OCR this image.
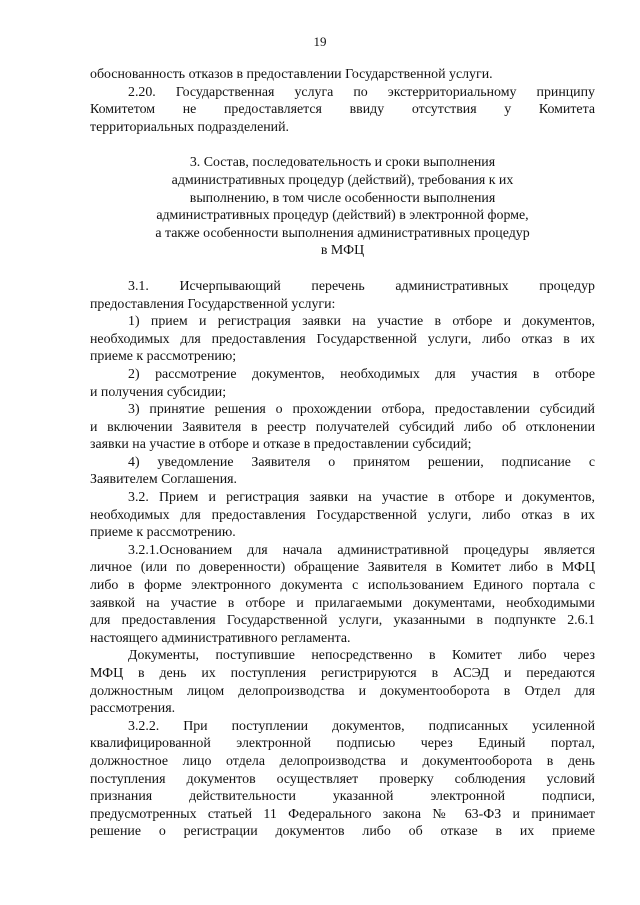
19
обоснованность отказов в предоставлении Государственной услуги.
2.20. Государственная услуга по экстерриториальному принципу
Комитетом не предоставляется ввиду отсутствия у Комитета
территориальных подразделений.
3. Состав, последовательность и сроки выполнения
административных процедур (действий), требования к их
выполнению, в том числе особенности выполнения
административных процедур (действий) в электронной форме,
а также особенности выполнения административных процедур
в МФЦ
3.1. Исчерпывающий перечень административных процедур
предоставления Государственной услуги:
1) прием и регистрация заявки на участие в отборе и документов,
необходимых для предоставления Государственной услуги, либо отказ в их
приеме к рассмотрению;
2) рассмотрение документов, необходимых для участия в отборе
и получения субсидии;
3) принятие решения о прохождении отбора, предоставлении субсидий
и включении Заявителя в реестр получателей субсидий либо об отклонении
заявки на участие в отборе и отказе в предоставлении субсидий;
4) уведомление Заявителя о принятом решении, подписание с
Заявителем Соглашения.
3.2. Прием и регистрация заявки на участие в отборе и документов,
необходимых для предоставления Государственной услуги, либо отказ в их
приеме к рассмотрению.
3.2.1.Основанием для начала административной процедуры является
личное (или по доверенности) обращение Заявителя в Комитет либо в МФЦ
либо в форме электронного документа с использованием Единого портала с
заявкой на участие в отборе и прилагаемыми документами, необходимыми
для предоставления Государственной услуги, указанными в подпункте 2.6.1
настоящего административного регламента.
Документы, поступившие непосредственно в Комитет либо через
МФЦ в день их поступления регистрируются в АСЭД и передаются
должностным лицом делопроизводства и документооборота в Отдел для
рассмотрения.
3.2.2. При поступлении документов, подписанных усиленной
квалифицированной электронной подписью через Единый портал,
должностное лицо отдела делопроизводства и документооборота в день
поступления документов осуществляет проверку соблюдения условий
признания действительности указанной электронной подписи,
предусмотренных статьей 11 Федерального закона № 63-ФЗ и принимает
решение о регистрации документов либо об отказе в их приеме
